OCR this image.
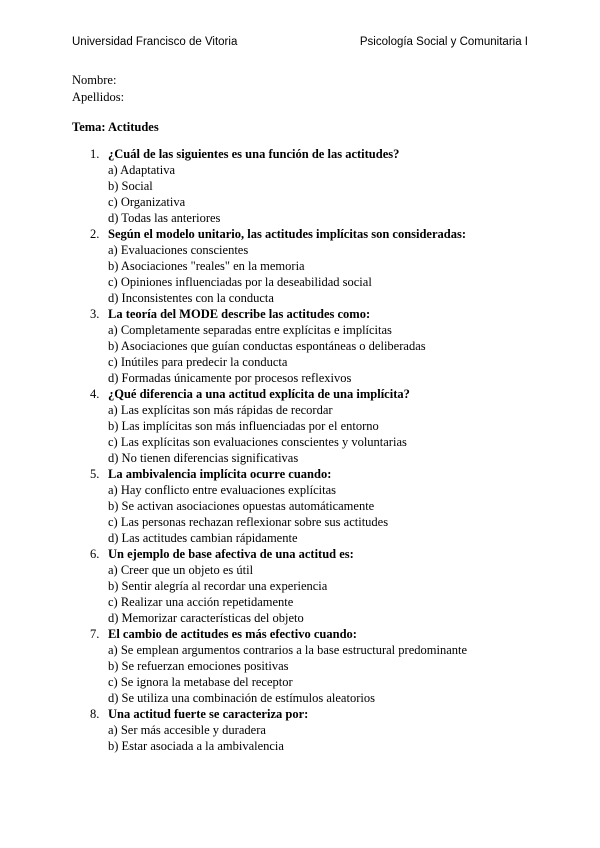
Universidad Francisco de Vitoria	Psicología Social y Comunitaria I
Nombre:
Apellidos:
Tema: Actitudes
1. ¿Cuál de las siguientes es una función de las actitudes?
a) Adaptativa
b) Social
c) Organizativa
d) Todas las anteriores
2. Según el modelo unitario, las actitudes implícitas son consideradas:
a) Evaluaciones conscientes
b) Asociaciones "reales" en la memoria
c) Opiniones influenciadas por la deseabilidad social
d) Inconsistentes con la conducta
3. La teoría del MODE describe las actitudes como:
a) Completamente separadas entre explícitas e implícitas
b) Asociaciones que guían conductas espontáneas o deliberadas
c) Inútiles para predecir la conducta
d) Formadas únicamente por procesos reflexivos
4. ¿Qué diferencia a una actitud explícita de una implícita?
a) Las explícitas son más rápidas de recordar
b) Las implícitas son más influenciadas por el entorno
c) Las explícitas son evaluaciones conscientes y voluntarias
d) No tienen diferencias significativas
5. La ambivalencia implícita ocurre cuando:
a) Hay conflicto entre evaluaciones explícitas
b) Se activan asociaciones opuestas automáticamente
c) Las personas rechazan reflexionar sobre sus actitudes
d) Las actitudes cambian rápidamente
6. Un ejemplo de base afectiva de una actitud es:
a) Creer que un objeto es útil
b) Sentir alegría al recordar una experiencia
c) Realizar una acción repetidamente
d) Memorizar características del objeto
7. El cambio de actitudes es más efectivo cuando:
a) Se emplean argumentos contrarios a la base estructural predominante
b) Se refuerzan emociones positivas
c) Se ignora la metabase del receptor
d) Se utiliza una combinación de estímulos aleatorios
8. Una actitud fuerte se caracteriza por:
a) Ser más accesible y duradera
b) Estar asociada a la ambivalencia
